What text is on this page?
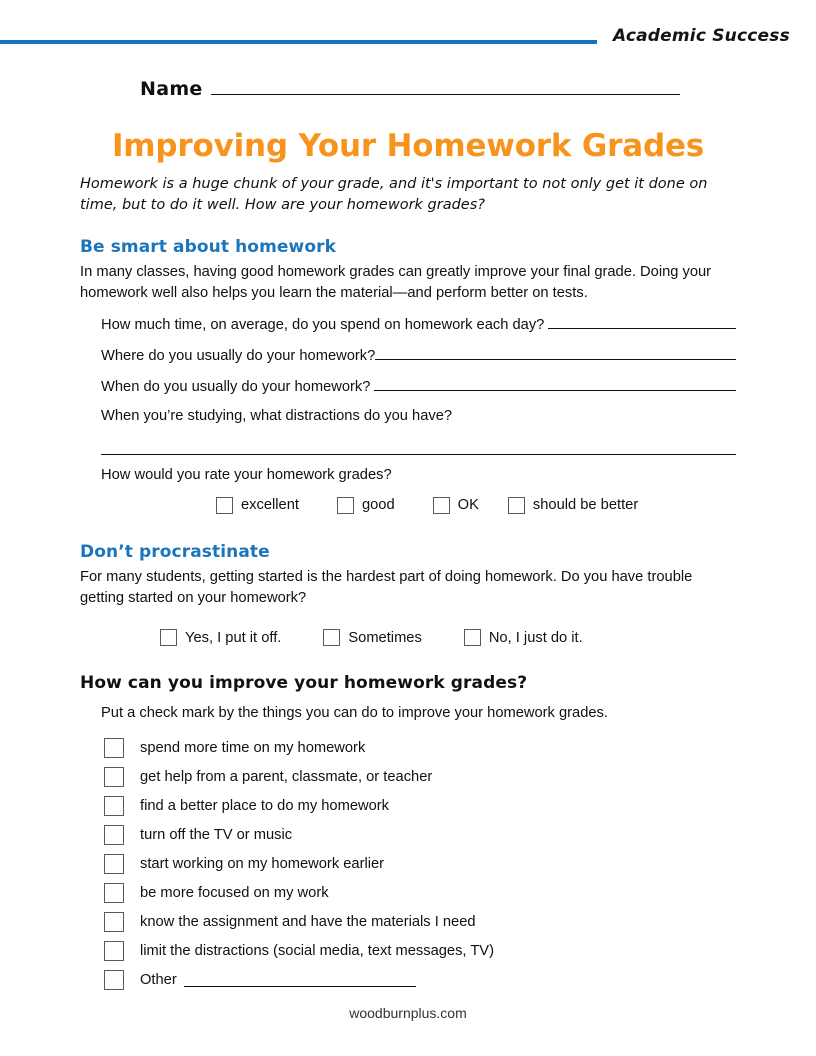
Academic Success
Name
Improving Your Homework Grades

Homework is a huge chunk of your grade, and it's important to not only get it done on time, but to do it well. How are your homework grades?

Be smart about homework

In many classes, having good homework grades can greatly improve your final grade. Doing your homework well also helps you learn the material—and perform better on tests.

How much time, on average, do you spend on homework each day?
Where do you usually do your homework?
When do you usually do your homework?
When you’re studying, what distractions do you have?
How would you rate your homework grades?
excellent	good	OK	should be better
Don’t procrastinate

For many students, getting started is the hardest part of doing homework. Do you have trouble getting started on your homework?

Yes, I put it off.	Sometimes	No, I just do it.
How can you improve your homework grades?

Put a check mark by the things you can do to improve your homework grades.

spend more time on my homework
get help from a parent, classmate, or teacher
find a better place to do my homework
turn off the TV or music
start working on my homework earlier
be more focused on my work
know the assignment and have the materials I need
limit the distractions (social media, text messages, TV)
Other
woodburnplus.com
